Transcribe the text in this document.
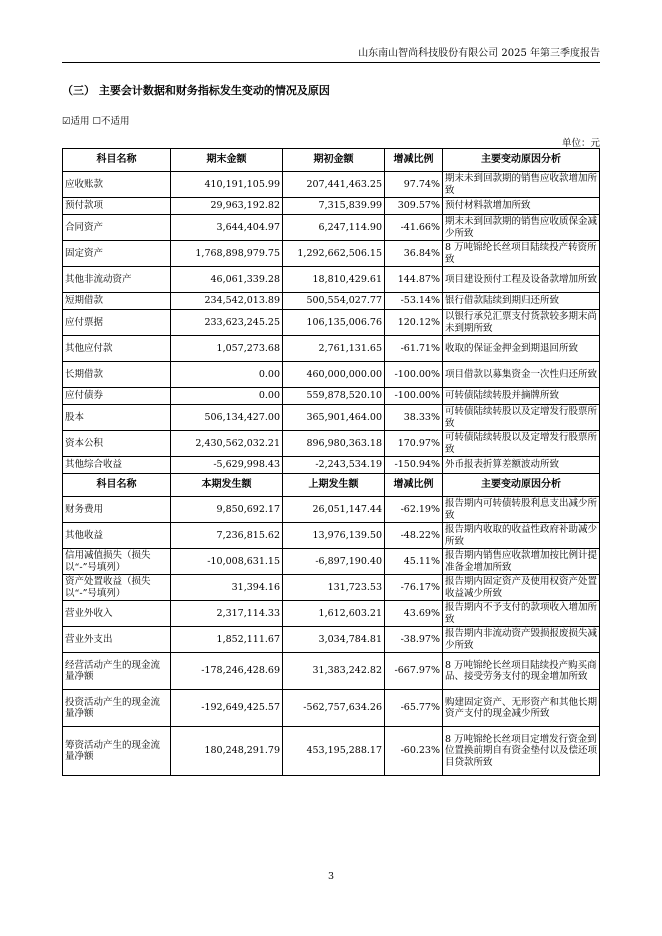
山东南山智尚科技股份有限公司 2025 年第三季度报告
（三） 主要会计数据和财务指标发生变动的情况及原因
☑适用 ☐不适用
单位：元
科目名称	期末金额	期初金额	增减比例	主要变动原因分析
应收账款	410,191,105.99	207,441,463.25	97.74%	期末未到回款期的销售应收款增加所致
预付款项	29,963,192.82	7,315,839.99	309.57%	预付材料款增加所致
合同资产	3,644,404.97	6,247,114.90	-41.66%	期末未到回款期的销售应收质保金减少所致
固定资产	1,768,898,979.75	1,292,662,506.15	36.84%	8 万吨锦纶长丝项目陆续投产转资所致
其他非流动资产	46,061,339.28	18,810,429.61	144.87%	项目建设预付工程及设备款增加所致
短期借款	234,542,013.89	500,554,027.77	-53.14%	银行借款陆续到期归还所致
应付票据	233,623,245.25	106,135,006.76	120.12%	以银行承兑汇票支付货款较多期末尚未到期所致
其他应付款	1,057,273.68	2,761,131.65	-61.71%	收取的保证金押金到期退回所致
长期借款	0.00	460,000,000.00	-100.00%	项目借款以募集资金一次性归还所致
应付债券	0.00	559,878,520.10	-100.00%	可转债陆续转股并摘牌所致
股本	506,134,427.00	365,901,464.00	38.33%	可转债陆续转股以及定增发行股票所致
资本公积	2,430,562,032.21	896,980,363.18	170.97%	可转债陆续转股以及定增发行股票所致
其他综合收益	-5,629,998.43	-2,243,534.19	-150.94%	外币报表折算差额波动所致
科目名称	本期发生额	上期发生额	增减比例	主要变动原因分析
财务费用	9,850,692.17	26,051,147.44	-62.19%	报告期内可转债转股利息支出减少所致
其他收益	7,236,815.62	13,976,139.50	-48.22%	报告期内收取的收益性政府补助减少所致
信用减值损失（损失以“-”号填列）	-10,008,631.15	-6,897,190.40	45.11%	报告期内销售应收款增加按比例计提准备金增加所致
资产处置收益（损失以“-”号填列）	31,394.16	131,723.53	-76.17%	报告期内固定资产及使用权资产处置收益减少所致
营业外收入	2,317,114.33	1,612,603.21	43.69%	报告期内不予支付的款项收入增加所致
营业外支出	1,852,111.67	3,034,784.81	-38.97%	报告期内非流动资产毁损报废损失减少所致
经营活动产生的现金流量净额	-178,246,428.69	31,383,242.82	-667.97%	8 万吨锦纶长丝项目陆续投产购买商品、接受劳务支付的现金增加所致
投资活动产生的现金流量净额	-192,649,425.57	-562,757,634.26	-65.77%	购建固定资产、无形资产和其他长期资产支付的现金减少所致
筹资活动产生的现金流量净额	180,248,291.79	453,195,288.17	-60.23%	8 万吨锦纶长丝项目定增发行资金到位置换前期自有资金垫付以及偿还项目贷款所致
3
